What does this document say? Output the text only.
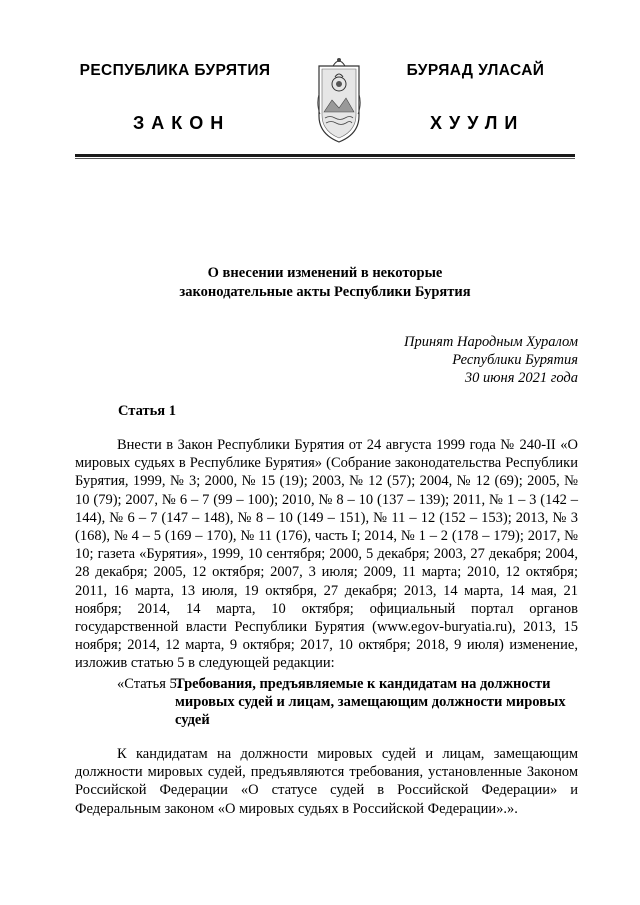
РЕСПУБЛИКА БУРЯТИЯ	БУРЯАД УЛАСАЙ
ЗАКОН	ХУУЛИ
О внесении изменений в некоторые
законодательные акты Республики Бурятия
Принят Народным Хуралом
Республики Бурятия
30 июня 2021 года
Статья 1

Внести в Закон Республики Бурятия от 24 августа 1999 года № 240-II «О мировых судьях в Республике Бурятия» (Собрание законодательства Республики Бурятия, 1999, № 3; 2000, № 15 (19); 2003, № 12 (57); 2004, № 12 (69); 2005, № 10 (79); 2007, № 6 – 7 (99 – 100); 2010, № 8 – 10 (137 – 139); 2011, № 1 – 3 (142 – 144), № 6 – 7 (147 – 148), № 8 – 10 (149 – 151), № 11 – 12 (152 – 153); 2013, № 3 (168), № 4 – 5 (169 – 170), № 11 (176), часть I; 2014, № 1 – 2 (178 – 179); 2017, № 10; газета «Бурятия», 1999, 10 сентября; 2000, 5 декабря; 2003, 27 декабря; 2004, 28 декабря; 2005, 12 октября; 2007, 3 июля; 2009, 11 марта; 2010, 12 октября; 2011, 16 марта, 13 июля, 19 октября, 27 декабря; 2013, 14 марта, 14 мая, 21 ноября; 2014, 14 марта, 10 октября; официальный портал органов государственной власти Республики Бурятия (www.egov-buryatia.ru), 2013, 15 ноября; 2014, 12 марта, 9 октября; 2017, 10 октября; 2018, 9 июля) изменение, изложив статью 5 в следующей редакции:

«Статья 5.
Требования, предъявляемые к кандидатам на должности мировых судей и лицам, замещающим должности мировых судей

К кандидатам на должности мировых судей и лицам, замещающим должности мировых судей, предъявляются требования, установленные Законом Российской Федерации «О статусе судей в Российской Федерации» и Федеральным законом «О мировых судьях в Российской Федерации».».
